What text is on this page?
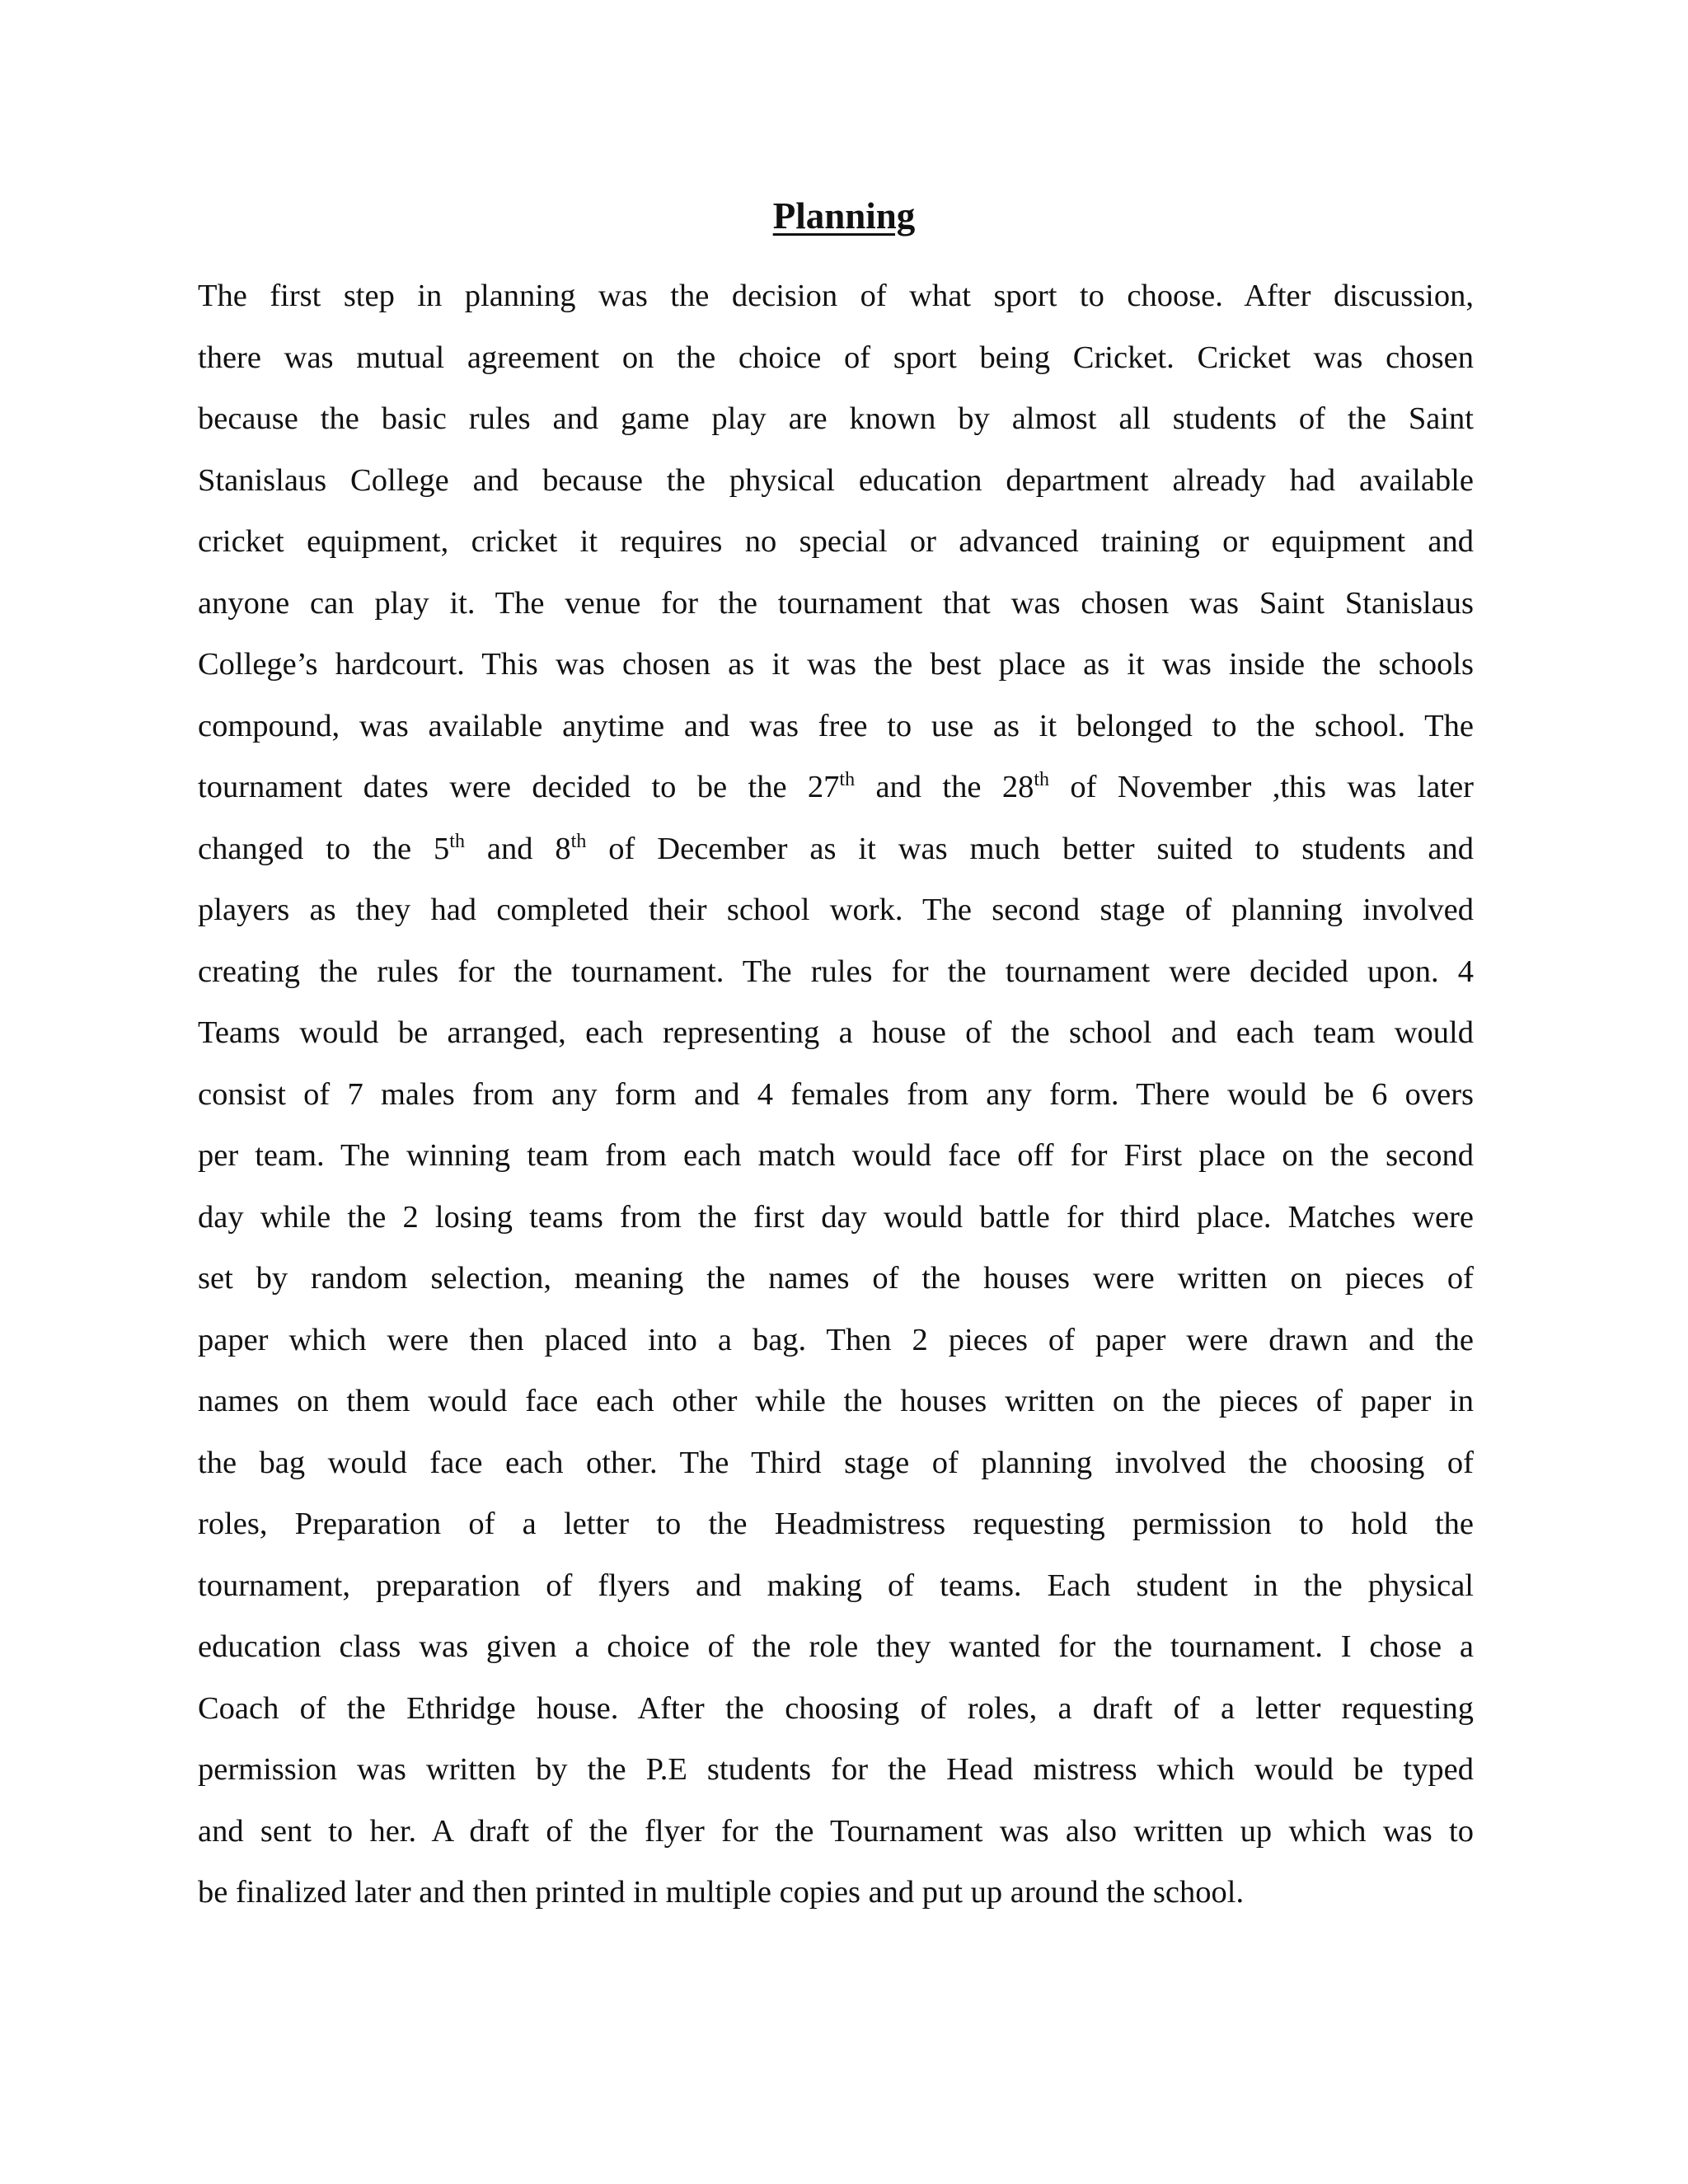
Planning
The first step in planning was the decision of what sport to choose. After discussion,
there was mutual agreement on the choice of sport being Cricket. Cricket was chosen
because the basic rules and game play are known by almost all students of the Saint
Stanislaus College and because the physical education department already had available
cricket equipment, cricket it requires no special or advanced training or equipment and
anyone can play it. The venue for the tournament that was chosen was Saint Stanislaus
College’s hardcourt. This was chosen as it was the best place as it was inside the schools
compound, was available anytime and was free to use as it belonged to the school. The
tournament dates were decided to be the 27th and the 28th of November ,this was later
changed to the 5th and 8th of December as it was much better suited to students and
players as they had completed their school work. The second stage of planning involved
creating the rules for the tournament. The rules for the tournament were decided upon. 4
Teams would be arranged, each representing a house of the school and each team would
consist of 7 males from any form and 4 females from any form. There would be 6 overs
per team. The winning team from each match would face off for First place on the second
day while the 2 losing teams from the first day would battle for third place. Matches were
set by random selection, meaning the names of the houses were written on pieces of
paper which were then placed into a bag. Then 2 pieces of paper were drawn and the
names on them would face each other while the houses written on the pieces of paper in
the bag would face each other. The Third stage of planning involved the choosing of
roles, Preparation of a letter to the Headmistress requesting permission to hold the
tournament, preparation of flyers and making of teams. Each student in the physical
education class was given a choice of the role they wanted for the tournament. I chose a
Coach of the Ethridge house. After the choosing of roles, a draft of a letter requesting
permission was written by the P.E students for the Head mistress which would be typed
and sent to her. A draft of the flyer for the Tournament was also written up which was to
be finalized later and then printed in multiple copies and put up around the school.
